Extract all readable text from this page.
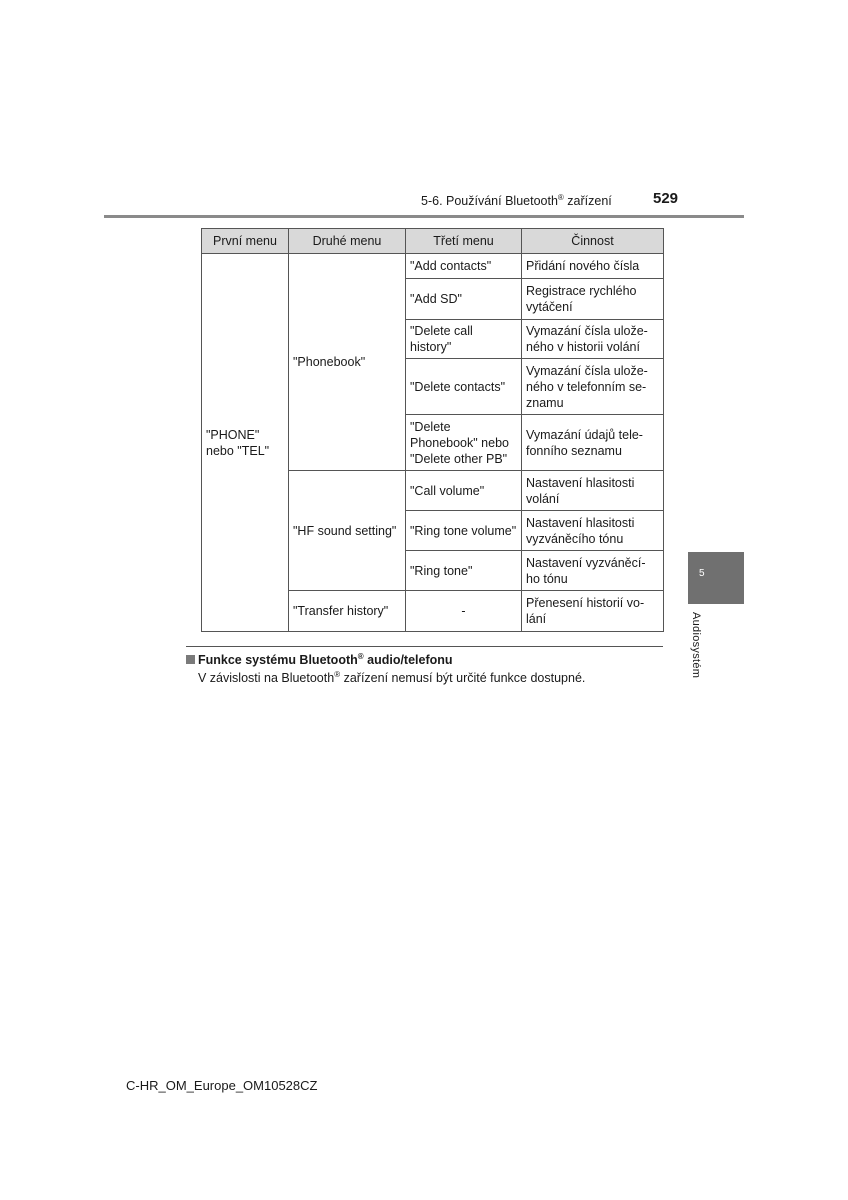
5-6. Používání Bluetooth® zařízení	529
První menu	Druhé menu	Třetí menu	Činnost
"PHONE" nebo "TEL"	"Phonebook"	"Add contacts"	Přidání nového čísla
		"Add SD"	Registrace rychlého vytáčení
		"Delete call history"	Vymazání čísla ulože-ného v historii volání
		"Delete contacts"	Vymazání čísla ulože-ného v telefonním se-znamu
		"Delete Phonebook" nebo "Delete other PB"	Vymazání údajů tele-fonního seznamu
	"HF sound setting"	"Call volume"	Nastavení hlasitosti volání
		"Ring tone volume"	Nastavení hlasitosti vyzváněcího tónu
		"Ring tone"	Nastavení vyzváněcí-ho tónu
	"Transfer history"	-	Přenesení historií vo-lání
Funkce systému Bluetooth® audio/telefonu
V závislosti na Bluetooth® zařízení nemusí být určité funkce dostupné.
5
Audiosystém
C-HR_OM_Europe_OM10528CZ
